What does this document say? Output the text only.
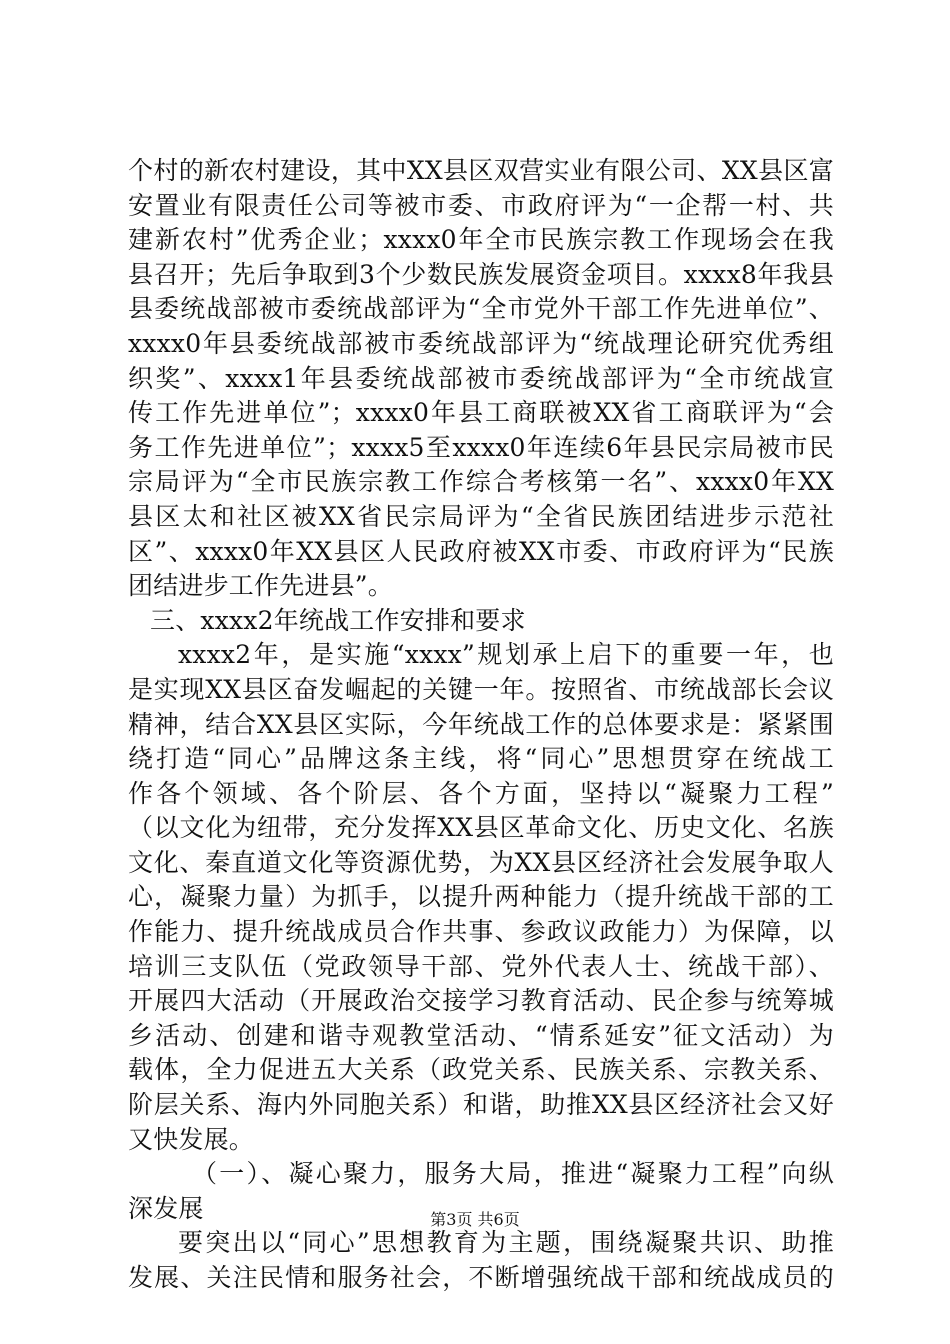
个村的新农村建设，其中XX县区双营实业有限公司、XX县区富
安置业有限责任公司等被市委、市政府评为“一企帮一村、共
建新农村”优秀企业；xxxx0年全市民族宗教工作现场会在我
县召开；先后争取到3个少数民族发展资金项目。xxxx8年我县
县委统战部被市委统战部评为“全市党外干部工作先进单位”、
xxxx0年县委统战部被市委统战部评为“统战理论研究优秀组
织奖”、xxxx1年县委统战部被市委统战部评为“全市统战宣
传工作先进单位”；xxxx0年县工商联被XX省工商联评为“会
务工作先进单位”；xxxx5至xxxx0年连续6年县民宗局被市民
宗局评为“全市民族宗教工作综合考核第一名”、xxxx0年XX
县区太和社区被XX省民宗局评为“全省民族团结进步示范社
区”、xxxx0年XX县区人民政府被XX市委、市政府评为“民族
团结进步工作先进县”。
三、xxxx2年统战工作安排和要求
xxxx2年，是实施“xxxx”规划承上启下的重要一年，也
是实现XX县区奋发崛起的关键一年。按照省、市统战部长会议
精神，结合XX县区实际，今年统战工作的总体要求是：紧紧围
绕打造“同心”品牌这条主线，将“同心”思想贯穿在统战工
作各个领域、各个阶层、各个方面，坚持以“凝聚力工程”
（以文化为纽带，充分发挥XX县区革命文化、历史文化、名族
文化、秦直道文化等资源优势，为XX县区经济社会发展争取人
心，凝聚力量）为抓手，以提升两种能力（提升统战干部的工
作能力、提升统战成员合作共事、参政议政能力）为保障，以
培训三支队伍（党政领导干部、党外代表人士、统战干部）、
开展四大活动（开展政治交接学习教育活动、民企参与统筹城
乡活动、创建和谐寺观教堂活动、“情系延安”征文活动）为
载体，全力促进五大关系（政党关系、民族关系、宗教关系、
阶层关系、海内外同胞关系）和谐，助推XX县区经济社会又好
又快发展。
（一）、凝心聚力，服务大局，推进“凝聚力工程”向纵
深发展
要突出以“同心”思想教育为主题，围绕凝聚共识、助推
发展、关注民情和服务社会，不断增强统战干部和统战成员的
第3页 共6页
